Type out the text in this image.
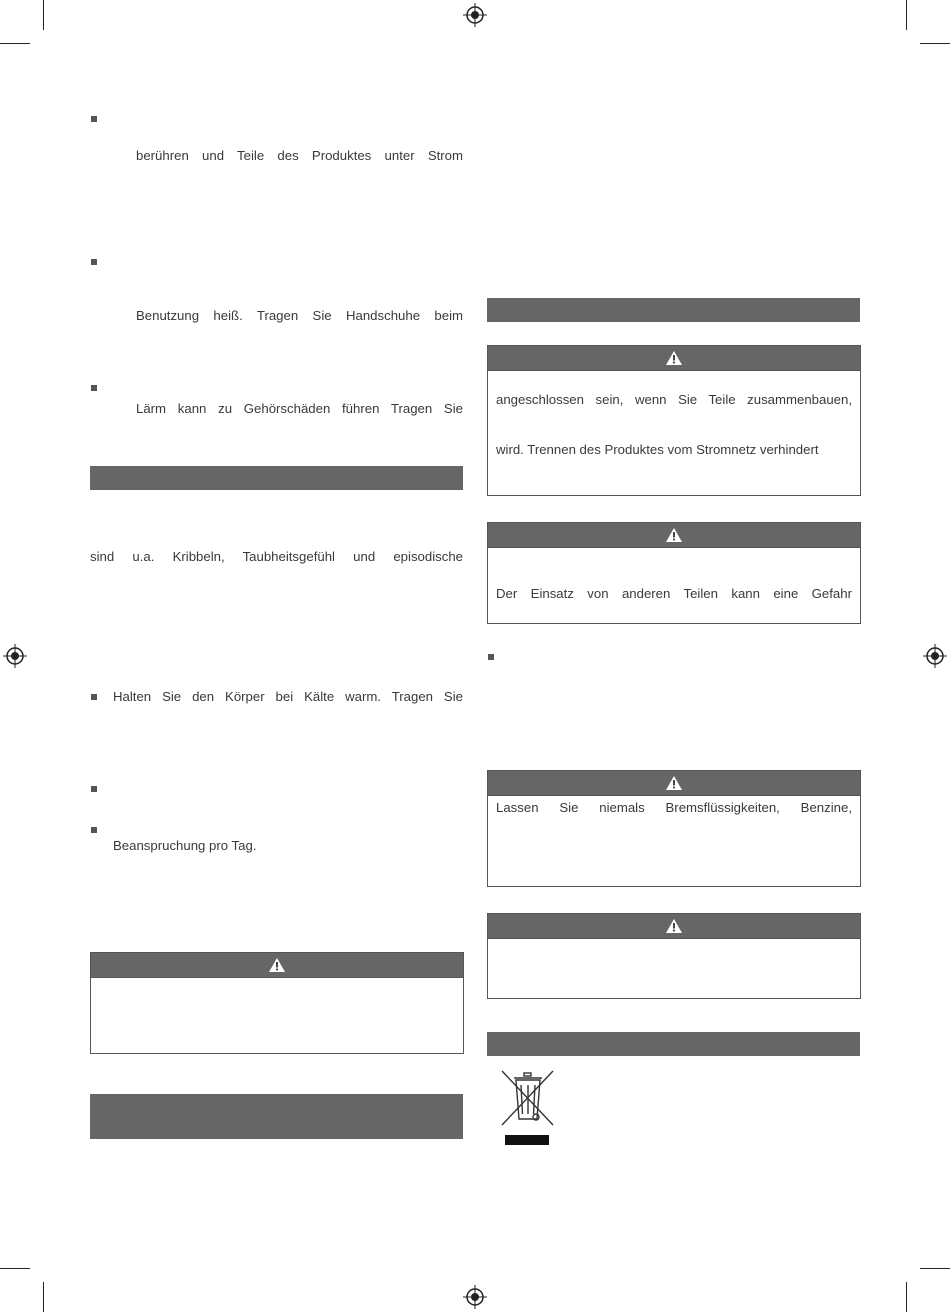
berühren und Teile des Produktes unter Strom
Benutzung heiß. Tragen Sie Handschuhe beim
Lärm kann zu Gehörschäden führen Tragen Sie
sind u.a. Kribbeln, Taubheitsgefühl und episodische
Halten Sie den Körper bei Kälte warm. Tragen Sie
Beanspruchung pro Tag.
angeschlossen sein, wenn Sie Teile zusammenbauen,
wird. Trennen des Produktes vom Stromnetz verhindert
Der Einsatz von anderen Teilen kann eine Gefahr
Lassen Sie niemals Bremsflüssigkeiten, Benzine,
